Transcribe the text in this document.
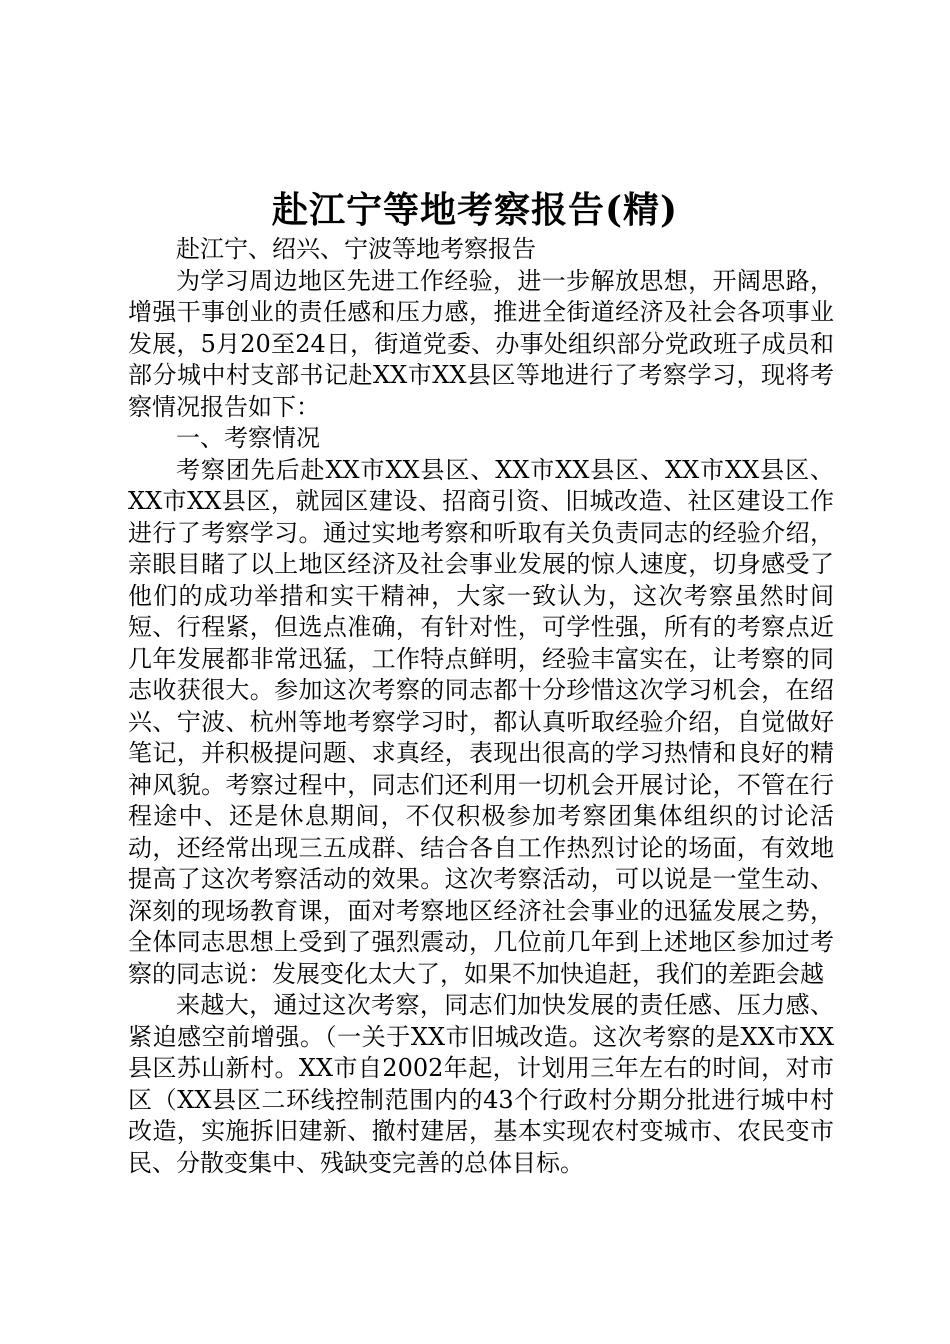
赴江宁等地考察报告(精)

赴江宁、绍兴、宁波等地考察报告

为学习周边地区先进工作经验，进一步解放思想，开阔思路，增强干事创业的责任感和压力感，推进全街道经济及社会各项事业发展，5月20至24日，街道党委、办事处组织部分党政班子成员和部分城中村支部书记赴XX市XX县区等地进行了考察学习，现将考察情况报告如下：

一、考察情况

考察团先后赴XX市XX县区、XX市XX县区、XX市XX县区、XX市XX县区，就园区建设、招商引资、旧城改造、社区建设工作进行了考察学习。通过实地考察和听取有关负责同志的经验介绍，亲眼目睹了以上地区经济及社会事业发展的惊人速度，切身感受了他们的成功举措和实干精神，大家一致认为，这次考察虽然时间短、行程紧，但选点准确，有针对性，可学性强，所有的考察点近几年发展都非常迅猛，工作特点鲜明，经验丰富实在，让考察的同志收获很大。参加这次考察的同志都十分珍惜这次学习机会，在绍兴、宁波、杭州等地考察学习时，都认真听取经验介绍，自觉做好笔记，并积极提问题、求真经，表现出很高的学习热情和良好的精神风貌。考察过程中，同志们还利用一切机会开展讨论，不管在行程途中、还是休息期间，不仅积极参加考察团集体组织的讨论活动，还经常出现三五成群、结合各自工作热烈讨论的场面，有效地提高了这次考察活动的效果。这次考察活动，可以说是一堂生动、深刻的现场教育课，面对考察地区经济社会事业的迅猛发展之势，全体同志思想上受到了强烈震动，几位前几年到上述地区参加过考察的同志说：发展变化太大了，如果不加快追赶，我们的差距会越

来越大，通过这次考察，同志们加快发展的责任感、压力感、紧迫感空前增强。（一关于XX市旧城改造。这次考察的是XX市XX县区苏山新村。XX市自2002年起，计划用三年左右的时间，对市区（XX县区二环线控制范围内的43个行政村分期分批进行城中村改造，实施拆旧建新、撤村建居，基本实现农村变城市、农民变市民、分散变集中、残缺变完善的总体目标。
